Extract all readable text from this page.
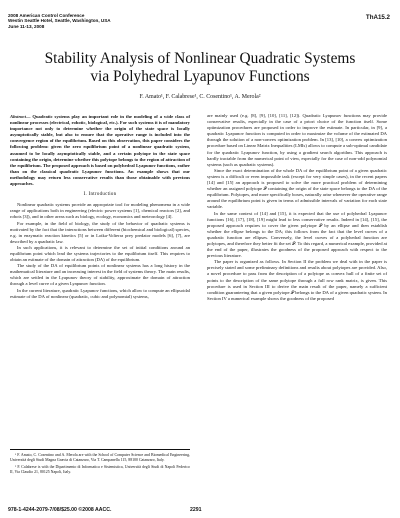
2008 American Control Conference
Westin Seattle Hotel, Seattle, Washington, USA
June 11-13, 2008
ThA15.2
Stability Analysis of Nonlinear Quadratic Systems
via Polyhedral Lyapunov Functions
F. Amato¹, F. Calabrese¹, C. Cosentino¹, A. Merola²

Abstract— Quadratic systems play an important role in the modeling of a wide class of nonlinear processes (electrical, robotic, biological, etc.). For such systems it is of mandatory importance not only to determine whether the origin of the state space is locally asymptotically stable, but also to ensure that the operative range is included into the convergence region of the equilibrium. Based on this observation, this paper considers the following problem: given the zero equilibrium point of a nonlinear quadratic system, assumed to be locally asymptotically stable, and a certain polytope in the state space containing the origin, determine whether this polytope belongs to the region of attraction of the equilibrium. The proposed approach is based on polyhedral Lyapunov functions, rather than on the classical quadratic Lyapunov functions. An example shows that our methodology may return less conservative results than those obtainable with previous approaches.

I. Introduction

Nonlinear quadratic systems provide an appropriate tool for modeling phenomena in a wide range of applications both in engineering (electric power systems [1], chemical reactors [2], and robots [3]), and in other areas such as biology, ecology, economics and meteorology [4].

For example, in the field of biology, the study of the behavior of quadratic systems is motivated by the fact that the interactions between different (biochemical and biological) species, e.g. in enzymatic reaction kinetics [5] or in Lotka-Volterra prey predator models [6], [7], are described by a quadratic law.

In such applications, it is relevant to determine the set of initial conditions around an equilibrium point which lead the systems trajectories to the equilibrium itself. This requires to obtain an estimate of the domain of attraction (DA) of the equilibrium.

The study of the DA of equilibrium points of nonlinear systems has a long history in the mathematical literature and an increasing interest in the field of systems theory. The main results, which are settled in the Lyapunov theory of stability, approximate the domain of attraction through a level curve of a given Lyapunov function.

In the current literature, quadratic Lyapunov functions, which allow to compute an ellipsoidal estimate of the DA of nonlinear (quadratic, cubic and polynomial) systems,

¹ F. Amato, C. Cosentino and A. Merola are with the School of Computer Science and Biomedical Engineering, Università degli Studi Magna Græcia di Catanzaro, Via T. Campanella 115, 88100 Catanzaro, Italy.

² F. Calabrese is with the Dipartimento di Informatica e Sistemistica, Università degli Studi di Napoli Federico II, Via Claudio 21, 80125 Napoli, Italy.

are mainly used (e.g. [8], [9], [10], [11], [12]). Quadratic Lyapunov functions may provide conservative results, especially in the case of a priori choice of the function itself. Some optimization procedures are proposed in order to improve the estimate. In particular, in [9], a quadratic Lyapunov function is computed in order to maximize the volume of the estimated DA through the solution of a non-convex optimization problem. In [13], [10], a convex optimization procedure based on Linear Matrix Inequalities (LMIs) allows to compute a sub-optimal candidate for the quadratic Lyapunov function, by using a gradient search algorithm. This approach is hardly tractable from the numerical point of view, especially for the case of non-odd polynomial systems (such as quadratic systems).

Since the exact determination of the whole DA of the equilibrium point of a given quadratic system is a difficult or even impossible task (except for very simple cases), in the recent papers [14] and [15] an approach is proposed to solve the more practical problem of determining whether an assigned polytope 𝒫 containing the origin of the state space belongs to the DA of the equilibrium. Polytopes, and more specifically boxes, naturally arise whenever the operative range around the equilibrium point is given in terms of admissible intervals of variation for each state variable.

In the same context of [14] and [15], it is expected that the use of polyhedral Lyapunov functions [16], [17], [18], [19] might lead to less conservative results. Indeed in [14], [15], the proposed approach requires to cover the given polytope 𝒫 by an ellipse and then establish whether the ellipse belongs to the DA; this follows from the fact that the level curves of a quadratic function are ellipses. Conversely, the level curves of a polyhedral function are polytopes, and therefore they better fit the set 𝒫. To this regard, a numerical example, provided at the end of the paper, illustrates the goodness of the proposed approach with respect to the previous literature.

The paper is organized as follows. In Section II the problem we deal with in the paper is precisely stated and some preliminary definitions and results about polytopes are provided. Also, a novel procedure to pass from the description of a polytope as convex hull of a finite set of points to the description of the same polytope through a full row rank matrix, is given. This procedure is used in Section III to derive the main result of the paper, namely a sufficient condition guaranteeing that a given polytope 𝒫 belongs to the DA of a given quadratic system. In Section IV a numerical example shows the goodness of the proposed

978-1-4244-2079-7/08/$25.00 ©2008 AACC.	2291
